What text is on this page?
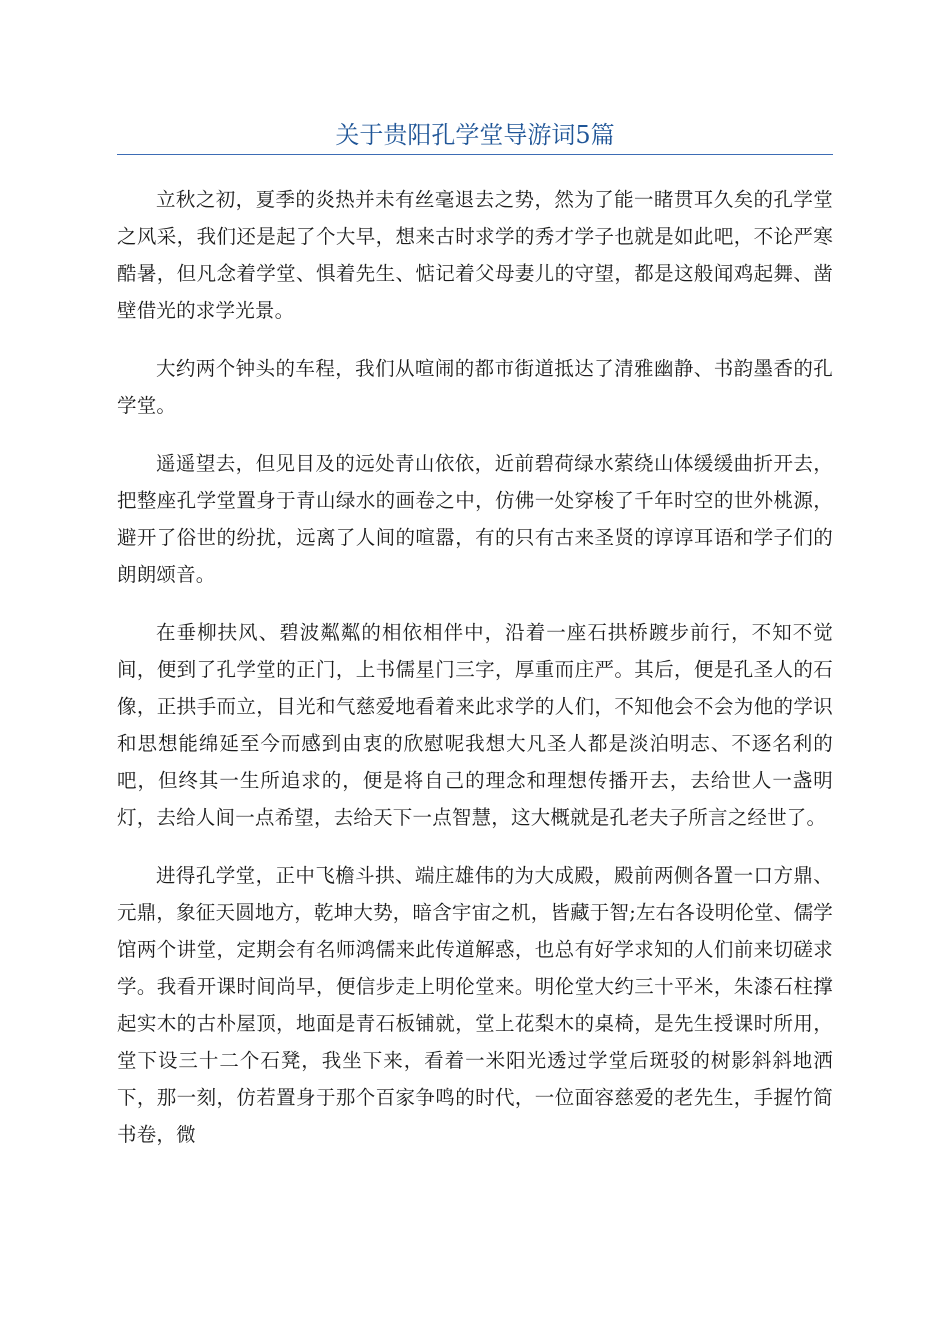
关于贵阳孔学堂导游词5篇

立秋之初，夏季的炎热并未有丝毫退去之势，然为了能一睹贯耳久矣的孔学堂之风采，我们还是起了个大早，想来古时求学的秀才学子也就是如此吧，不论严寒酷暑，但凡念着学堂、惧着先生、惦记着父母妻儿的守望，都是这般闻鸡起舞、凿壁借光的求学光景。

大约两个钟头的车程，我们从喧闹的都市街道抵达了清雅幽静、书韵墨香的孔学堂。

遥遥望去，但见目及的远处青山依依，近前碧荷绿水萦绕山体缓缓曲折开去，把整座孔学堂置身于青山绿水的画卷之中，仿佛一处穿梭了千年时空的世外桃源，避开了俗世的纷扰，远离了人间的喧嚣，有的只有古来圣贤的谆谆耳语和学子们的朗朗颂音。

在垂柳扶风、碧波粼粼的相依相伴中，沿着一座石拱桥踱步前行，不知不觉间，便到了孔学堂的正门，上书儒星门三字，厚重而庄严。其后，便是孔圣人的石像，正拱手而立，目光和气慈爱地看着来此求学的人们，不知他会不会为他的学识和思想能绵延至今而感到由衷的欣慰呢我想大凡圣人都是淡泊明志、不逐名利的吧，但终其一生所追求的，便是将自己的理念和理想传播开去，去给世人一盏明灯，去给人间一点希望，去给天下一点智慧，这大概就是孔老夫子所言之经世了。

进得孔学堂，正中飞檐斗拱、端庄雄伟的为大成殿，殿前两侧各置一口方鼎、元鼎，象征天圆地方，乾坤大势，暗含宇宙之机，皆藏于智;左右各设明伦堂、儒学馆两个讲堂，定期会有名师鸿儒来此传道解惑，也总有好学求知的人们前来切磋求学。我看开课时间尚早，便信步走上明伦堂来。明伦堂大约三十平米，朱漆石柱撑起实木的古朴屋顶，地面是青石板铺就，堂上花梨木的桌椅，是先生授课时所用，堂下设三十二个石凳，我坐下来，看着一米阳光透过学堂后斑驳的树影斜斜地洒下，那一刻，仿若置身于那个百家争鸣的时代，一位面容慈爱的老先生，手握竹简书卷，微
